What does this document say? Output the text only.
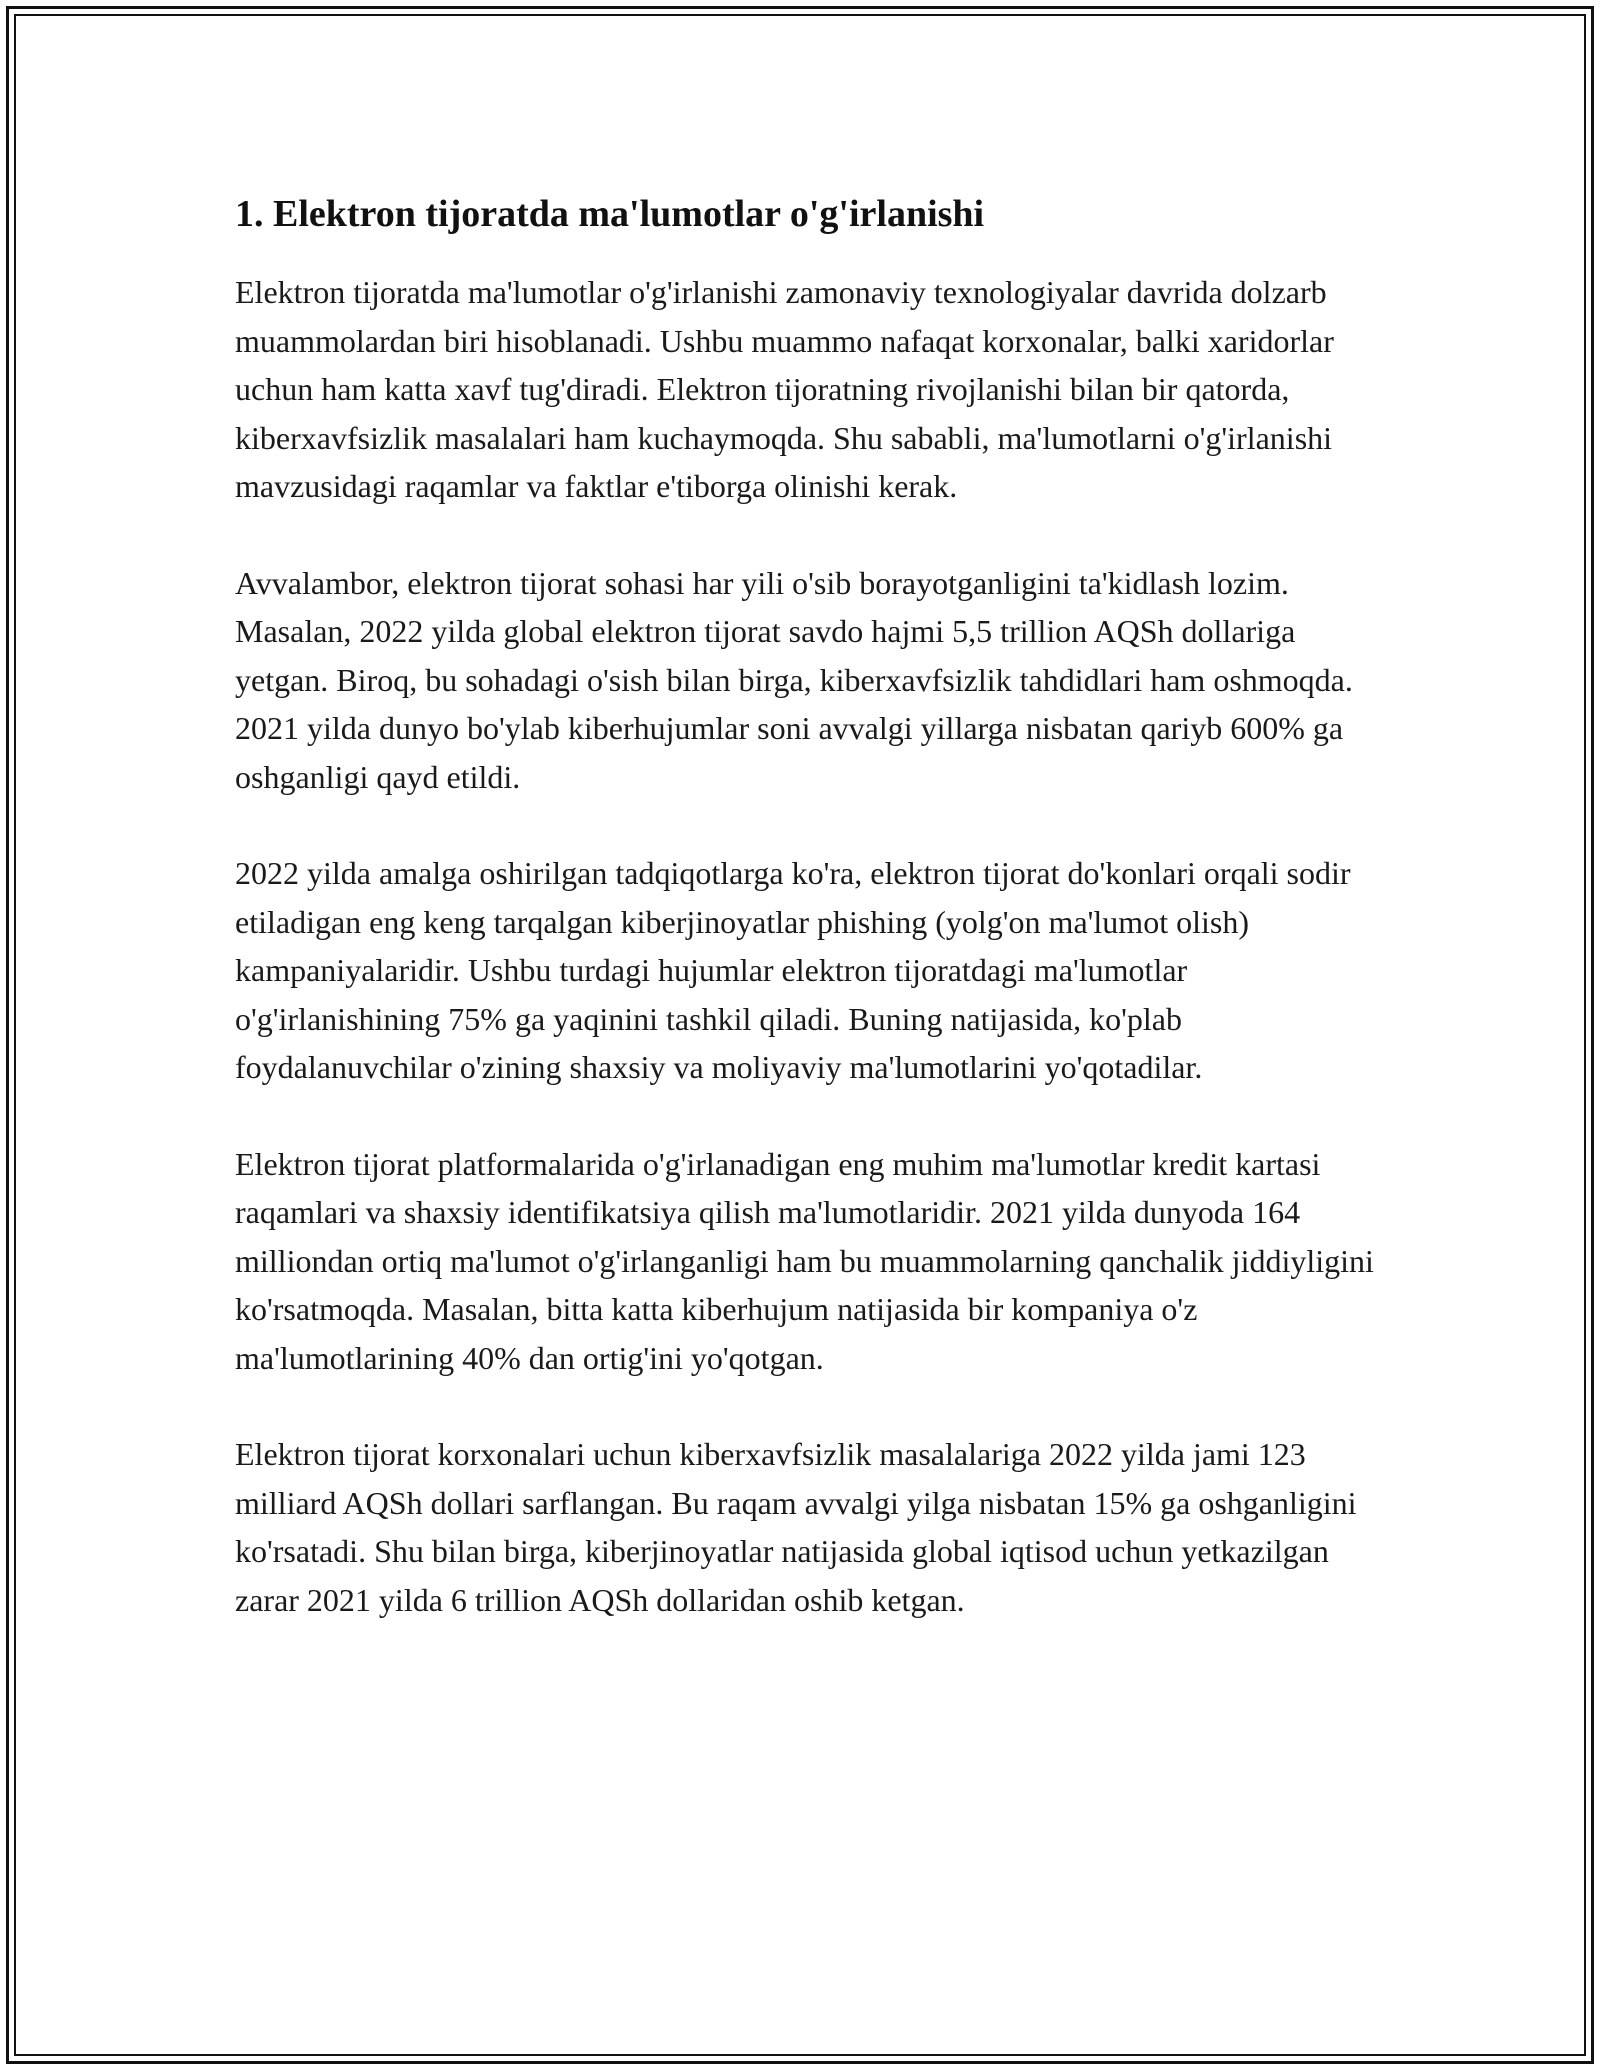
1. Elektron tijoratda ma'lumotlar o'g'irlanishi

Elektron tijoratda ma'lumotlar o'g'irlanishi zamonaviy texnologiyalar davrida dolzarb muammolardan biri hisoblanadi. Ushbu muammo nafaqat korxonalar, balki xaridorlar uchun ham katta xavf tug'diradi. Elektron tijoratning rivojlanishi bilan bir qatorda, kiberxavfsizlik masalalari ham kuchaymoqda. Shu sababli, ma'lumotlarni o'g'irlanishi mavzusidagi raqamlar va faktlar e'tiborga olinishi kerak.

Avvalambor, elektron tijorat sohasi har yili o'sib borayotganligini ta'kidlash lozim. Masalan, 2022 yilda global elektron tijorat savdo hajmi 5,5 trillion AQSh dollariga yetgan. Biroq, bu sohadagi o'sish bilan birga, kiberxavfsizlik tahdidlari ham oshmoqda. 2021 yilda dunyo bo'ylab kiberhujumlar soni avvalgi yillarga nisbatan qariyb 600% ga oshganligi qayd etildi.

2022 yilda amalga oshirilgan tadqiqotlarga ko'ra, elektron tijorat do'konlari orqali sodir etiladigan eng keng tarqalgan kiberjinoyatlar phishing (yolg'on ma'lumot olish) kampaniyalaridir. Ushbu turdagi hujumlar elektron tijoratdagi ma'lumotlar o'g'irlanishining 75% ga yaqinini tashkil qiladi. Buning natijasida, ko'plab foydalanuvchilar o'zining shaxsiy va moliyaviy ma'lumotlarini yo'qotadilar.

Elektron tijorat platformalarida o'g'irlanadigan eng muhim ma'lumotlar kredit kartasi raqamlari va shaxsiy identifikatsiya qilish ma'lumotlaridir. 2021 yilda dunyoda 164 milliondan ortiq ma'lumot o'g'irlanganligi ham bu muammolarning qanchalik jiddiyligini ko'rsatmoqda. Masalan, bitta katta kiberhujum natijasida bir kompaniya o'z ma'lumotlarining 40% dan ortig'ini yo'qotgan.

Elektron tijorat korxonalari uchun kiberxavfsizlik masalalariga 2022 yilda jami 123 milliard AQSh dollari sarflangan. Bu raqam avvalgi yilga nisbatan 15% ga oshganligini ko'rsatadi. Shu bilan birga, kiberjinoyatlar natijasida global iqtisod uchun yetkazilgan zarar 2021 yilda 6 trillion AQSh dollaridan oshib ketgan.
